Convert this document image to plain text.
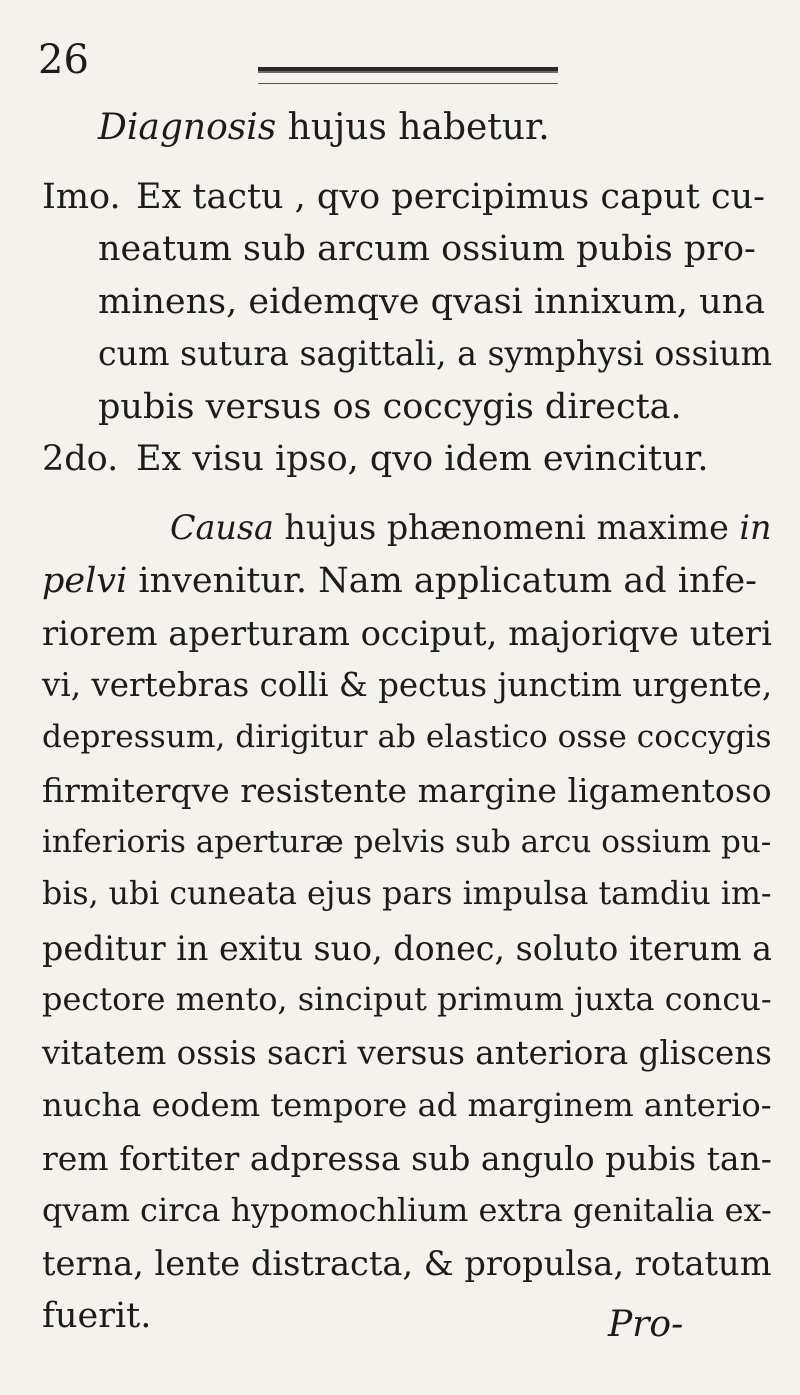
26
Diagnosis hujus habetur.
Imo. Ex tactu , qvo percipimus caput cu-
neatum sub arcum ossium pubis pro-
minens, eidemqve qvasi innixum, una
cum sutura sagittali, a symphysi ossium
pubis versus os coccygis directa.
2do. Ex visu ipso, qvo idem evincitur.
Causa hujus phænomeni maxime in
pelvi invenitur. Nam applicatum ad infe-
riorem aperturam occiput, majoriqve uteri
vi, vertebras colli & pectus junctim urgente,
depressum, dirigitur ab elastico osse coccygis
firmiterqve resistente margine ligamentoso
inferioris aperturæ pelvis sub arcu ossium pu-
bis, ubi cuneata ejus pars impulsa tamdiu im-
peditur in exitu suo, donec, soluto iterum a
pectore mento, sinciput primum juxta concu-
vitatem ossis sacri versus anteriora gliscens
nucha eodem tempore ad marginem anterio-
rem fortiter adpressa sub angulo pubis tan-
qvam circa hypomochlium extra genitalia ex-
terna, lente distracta, & propulsa, rotatum
fuerit.	Pro-
